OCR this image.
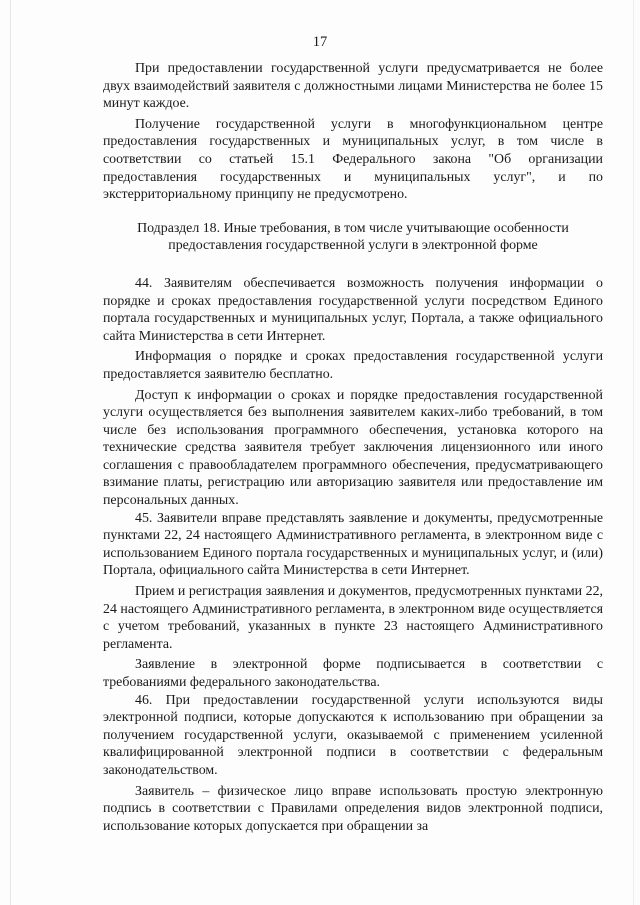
17

При предоставлении государственной услуги предусматривается не более двух взаимодействий заявителя с должностными лицами Министерства не более 15 минут каждое.

Получение государственной услуги в многофункциональном центре предоставления государственных и муниципальных услуг, в том числе в соответствии со статьей 15.1 Федерального закона "Об организации предоставления государственных и муниципальных услуг", и по экстерриториальному принципу не предусмотрено.

Подраздел 18. Иные требования, в том числе учитывающие особенности предоставления государственной услуги в электронной форме

44. Заявителям обеспечивается возможность получения информации о порядке и сроках предоставления государственной услуги посредством Единого портала государственных и муниципальных услуг, Портала, а также официального сайта Министерства в сети Интернет.

Информация о порядке и сроках предоставления государственной услуги предоставляется заявителю бесплатно.

Доступ к информации о сроках и порядке предоставления государственной услуги осуществляется без выполнения заявителем каких-либо требований, в том числе без использования программного обеспечения, установка которого на технические средства заявителя требует заключения лицензионного или иного соглашения с правообладателем программного обеспечения, предусматривающего взимание платы, регистрацию или авторизацию заявителя или предоставление им персональных данных.

45. Заявители вправе представлять заявление и документы, предусмотренные пунктами 22, 24 настоящего Административного регламента, в электронном виде с использованием Единого портала государственных и муниципальных услуг, и (или) Портала, официального сайта Министерства в сети Интернет.

Прием и регистрация заявления и документов, предусмотренных пунктами 22, 24 настоящего Административного регламента, в электронном виде осуществляется с учетом требований, указанных в пункте 23 настоящего Административного регламента.

Заявление в электронной форме подписывается в соответствии с требованиями федерального законодательства.

46. При предоставлении государственной услуги используются виды электронной подписи, которые допускаются к использованию при обращении за получением государственной услуги, оказываемой с применением усиленной квалифицированной электронной подписи в соответствии с федеральным законодательством.

Заявитель – физическое лицо вправе использовать простую электронную подпись в соответствии с Правилами определения видов электронной подписи, использование которых допускается при обращении за
